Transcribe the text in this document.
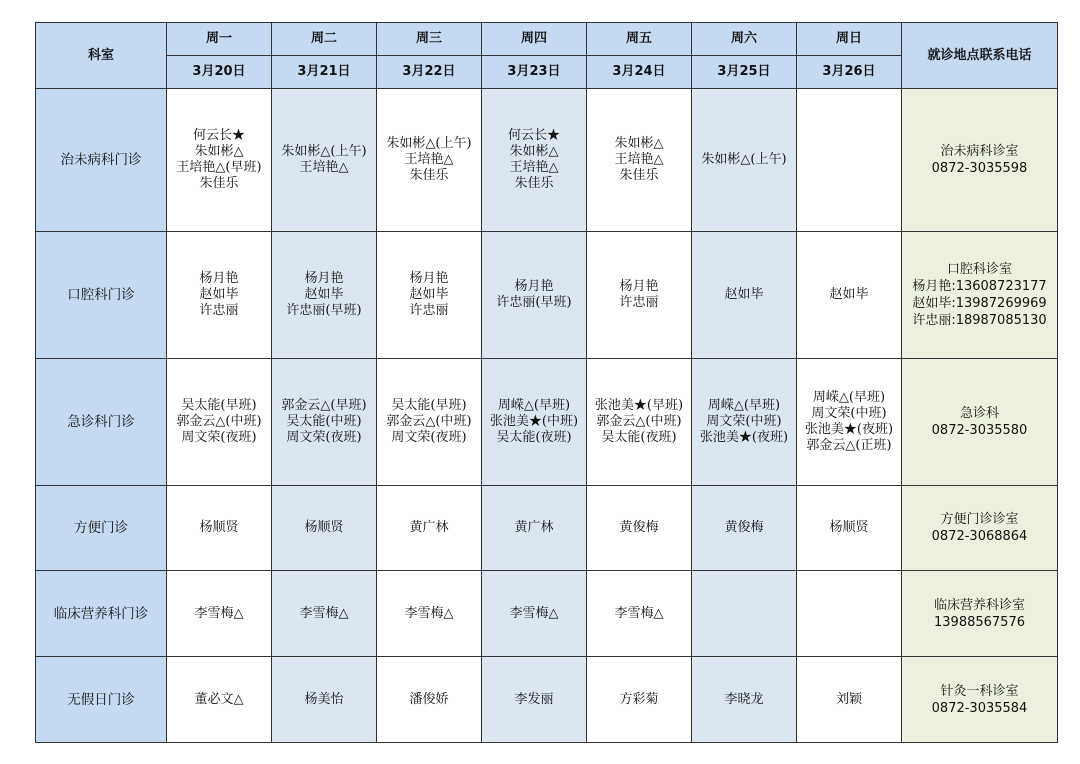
科室	周一	周二	周三	周四	周五	周六	周日	就诊地点联系电话
	3月20日	3月21日	3月22日	3月23日	3月24日	3月25日	3月26日	
治未病科门诊	何云长★
朱如彬△
王培艳△(早班)
朱佳乐	朱如彬△(上午)
王培艳△	朱如彬△(上午)
王培艳△
朱佳乐	何云长★
朱如彬△
王培艳△
朱佳乐	朱如彬△
王培艳△
朱佳乐	朱如彬△(上午)		治未病科诊室
0872-3035598

口腔科门诊	杨月艳
赵如毕
许忠丽	杨月艳
赵如毕
许忠丽(早班)	杨月艳
赵如毕
许忠丽	杨月艳
许忠丽(早班)	杨月艳
许忠丽	赵如毕	赵如毕	口腔科诊室
杨月艳:13608723177
赵如毕:13987269969
许忠丽:18987085130

急诊科门诊	吴太能(早班)
郭金云△(中班)
周文荣(夜班)	郭金云△(早班)
吴太能(中班)
周文荣(夜班)	吴太能(早班)
郭金云△(中班)
周文荣(夜班)	周嵘△(早班)
张池美★(中班)
吴太能(夜班)	张池美★(早班)
郭金云△(中班)
吴太能(夜班)	周嵘△(早班)
周文荣(中班)
张池美★(夜班)	周嵘△(早班)
周文荣(中班)
张池美★(夜班)
郭金云△(正班)	急诊科
0872-3035580

方便门诊	杨顺贤	杨顺贤	黄广林	黄广林	黄俊梅	黄俊梅	杨顺贤	方便门诊诊室
0872-3068864

临床营养科门诊	李雪梅△	李雪梅△	李雪梅△	李雪梅△	李雪梅△			临床营养科诊室
13988567576

无假日门诊	董必文△	杨美怡	潘俊娇	李发丽	方彩菊	李晓龙	刘颖	针灸一科诊室
0872-3035584
